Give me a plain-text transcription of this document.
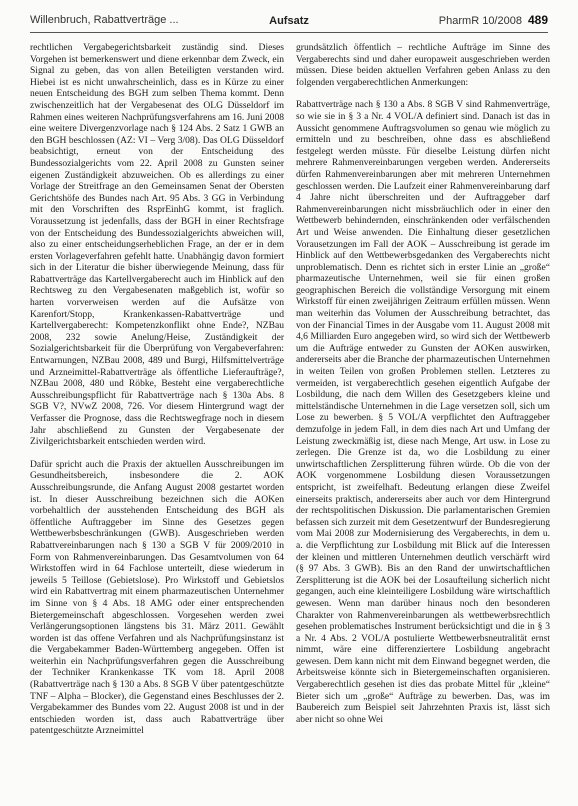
Willenbruch, Rabattverträge ...	Aufsatz	PharmR 10/2008 489

rechtlichen Vergabegerichtsbarkeit zuständig sind. Dieses Vorgehen ist bemerkenswert und diene erkennbar dem Zweck, ein Signal zu geben, das von allen Beteiligten verstanden wird. Hiebei ist es nicht unwahrscheinlich, dass es in Kürze zu einer neuen Entscheidung des BGH zum selben Thema kommt. Denn zwischenzeitlich hat der Vergabesenat des OLG Düsseldorf im Rahmen eines weiteren Nachprüfungsverfahrens am 16. Juni 2008 eine weitere Divergenzvorlage nach § 124 Abs. 2 Satz 1 GWB an den BGH beschlossen (AZ: VI – Verg 3/08). Das OLG Düsseldorf beabsichtigt, erneut von der Entscheidung des Bundessozialgerichts vom 22. April 2008 zu Gunsten seiner eigenen Zuständigkeit abzuweichen. Ob es allerdings zu einer Vorlage der Streitfrage an den Gemeinsamen Senat der Obersten Gerichtshöfe des Bundes nach Art. 95 Abs. 3 GG in Verbindung mit den Vorschriften des RsprEinhG kommt, ist fraglich. Voraussetzung ist jedenfalls, dass der BGH in einer Rechtsfrage von der Entscheidung des Bundessozialgerichts abweichen will, also zu einer entscheidungserheblichen Frage, an der er in dem ersten Vorlageverfahren gefehlt hatte. Unabhängig davon formiert sich in der Literatur die bisher überwiegende Meinung, dass für Rabattverträge das Kartellvergaberecht auch im Hinblick auf den Rechtsweg zu den Vergabesenaten maßgeblich ist, wofür so harten vorverweisen werden auf die Aufsätze von Karenfort/Stopp, Krankenkassen-Rabattverträge und Kartellvergaberecht: Kompetenzkonflikt ohne Ende?, NZBau 2008, 232 sowie Anelung/Heise, Zuständigkeit der Sozialgerichtsbarkeit für die Überprüfung von Vergabeverfahren: Entwarnungen, NZBau 2008, 489 und Burgi, Hilfsmittelverträge und Arzneimittel-Rabattverträge als öffentliche Lieferaufträge?, NZBau 2008, 480 und Röbke, Besteht eine vergaberechtliche Ausschreibungspflicht für Rabattverträge nach § 130a Abs. 8 SGB V?, NVwZ 2008, 726. Vor diesem Hintergrund wagt der Verfasser die Prognose, dass die Rechtswegfrage noch in diesem Jahr abschließend zu Gunsten der Vergabesenate der Zivilgerichtsbarkeit entschieden werden wird.

Dafür spricht auch die Praxis der aktuellen Ausschreibungen im Gesundheitsbereich, insbesondere die 2. AOK Ausschreibungsrunde, die Anfang August 2008 gestartet worden ist. In dieser Ausschreibung bezeichnen sich die AOKen vorbehaltlich der ausstehenden Entscheidung des BGH als öffentliche Auftraggeber im Sinne des Gesetzes gegen Wettbewerbsbeschränkungen (GWB). Ausgeschrieben werden Rabattvereinbarungen nach § 130 a SGB V für 2009/2010 in Form von Rahmenvereinbarungen. Das Gesamtvolumen von 64 Wirkstoffen wird in 64 Fachlose unterteilt, diese wiederum in jeweils 5 Teillose (Gebietslose). Pro Wirkstoff und Gebietslos wird ein Rabattvertrag mit einem pharmazeutischen Unternehmer im Sinne von § 4 Abs. 18 AMG oder einer entsprechenden Bietergemeinschaft abgeschlossen. Vorgesehen werden zwei Verlängerungsoptionen längstens bis 31. März 2011. Gewählt worden ist das offene Verfahren und als Nachprüfungsinstanz ist die Vergabekammer Baden-Württemberg angegeben. Offen ist weiterhin ein Nachprüfungsverfahren gegen die Ausschreibung der Techniker Krankenkasse TK vom 18. April 2008 (Rabattverträge nach § 130 a Abs. 8 SGB V über patentgeschützte TNF – Alpha – Blocker), die Gegenstand eines Beschlusses der 2. Vergabekammer des Bundes vom 22. August 2008 ist und in der entschieden worden ist, dass auch Rabattverträge über patentgeschützte Arzneimittel

grundsätzlich öffentlich – rechtliche Aufträge im Sinne des Vergaberechts sind und daher europaweit ausgeschrieben werden müssen. Diese beiden aktuellen Verfahren geben Anlass zu den folgenden vergaberechtlichen Anmerkungen:

Rabattverträge nach § 130 a Abs. 8 SGB V sind Rahmenverträge, so wie sie in § 3 a Nr. 4 VOL/A definiert sind. Danach ist das in Aussicht genommene Auftragsvolumen so genau wie möglich zu ermitteln und zu beschreiben, ohne dass es abschließend festgelegt werden müsste. Für dieselbe Leistung dürfen nicht mehrere Rahmenvereinbarungen vergeben werden. Andererseits dürfen Rahmenvereinbarungen aber mit mehreren Unternehmen geschlossen werden. Die Laufzeit einer Rahmenvereinbarung darf 4 Jahre nicht überschreiten und der Auftraggeber darf Rahmenvereinbarungen nicht missbräuchlich oder in einer den Wettbewerb behindernden, einschränkenden oder verfälschenden Art und Weise anwenden. Die Einhaltung dieser gesetzlichen Vorausetzungen im Fall der AOK – Ausschreibung ist gerade im Hinblick auf den Wettbewerbsgedanken des Vergaberechts nicht unproblematisch. Denn es richtet sich in erster Linie an „große“ pharmazeutische Unternehmen, weil sie für einen großen geographischen Bereich die vollständige Versorgung mit einem Wirkstoff für einen zweijährigen Zeitraum erfüllen müssen. Wenn man weiterhin das Volumen der Ausschreibung betrachtet, das von der Financial Times in der Ausgabe vom 11. August 2008 mit 4,6 Milliarden Euro angegeben wird, so wird sich der Wettbewerb um die Aufträge entweder zu Gunsten der AOKen auswirken, andererseits aber die Branche der pharmazeutischen Unternehmen in weiten Teilen von großen Problemen stellen. Letzteres zu vermeiden, ist vergaberechtlich gesehen eigentlich Aufgabe der Losbildung, die nach dem Willen des Gesetzgebers kleine und mittelständische Unternehmen in die Lage versetzen soll, sich um Lose zu bewerben. § 5 VOL/A verpflichtet den Auftraggeber demzufolge in jedem Fall, in dem dies nach Art und Umfang der Leistung zweckmäßig ist, diese nach Menge, Art usw. in Lose zu zerlegen. Die Grenze ist da, wo die Losbildung zu einer unwirtschaftlichen Zersplitterung führen würde. Ob die von der AOK vorgenommene Losbildung diesen Voraussetzungen entspricht, ist zweifelhaft. Bedeutung erlangen diese Zweifel einerseits praktisch, andererseits aber auch vor dem Hintergrund der rechtspolitischen Diskussion. Die parlamentarischen Gremien befassen sich zurzeit mit dem Gesetzentwurf der Bundesregierung vom Mai 2008 zur Modernisierung des Vergaberechts, in dem u. a. die Verpflichtung zur Losbildung mit Blick auf die Interessen der kleinen und mittleren Unternehmen deutlich verschärft wird (§ 97 Abs. 3 GWB). Bis an den Rand der unwirtschaftlichen Zersplitterung ist die AOK bei der Losaufteilung sicherlich nicht gegangen, auch eine kleinteiligere Losbildung wäre wirtschaftlich gewesen. Wenn man darüber hinaus noch den besonderen Charakter von Rahmenvereinbarungen als wettbewerbsrechtlich gesehen problematisches Instrument berücksichtigt und die in § 3 a Nr. 4 Abs. 2 VOL/A postulierte Wettbewerbsneutralität ernst nimmt, wäre eine differenziertere Losbildung angebracht gewesen. Dem kann nicht mit dem Einwand begegnet werden, die Arbeitsweise könnte sich in Bietergemeinschaften organisieren. Vergaberechtlich gesehen ist dies das probate Mittel für „kleine“ Bieter sich um „große“ Aufträge zu bewerben. Das, was im Baubereich zum Beispiel seit Jahrzehnten Praxis ist, lässt sich aber nicht so ohne Wei
